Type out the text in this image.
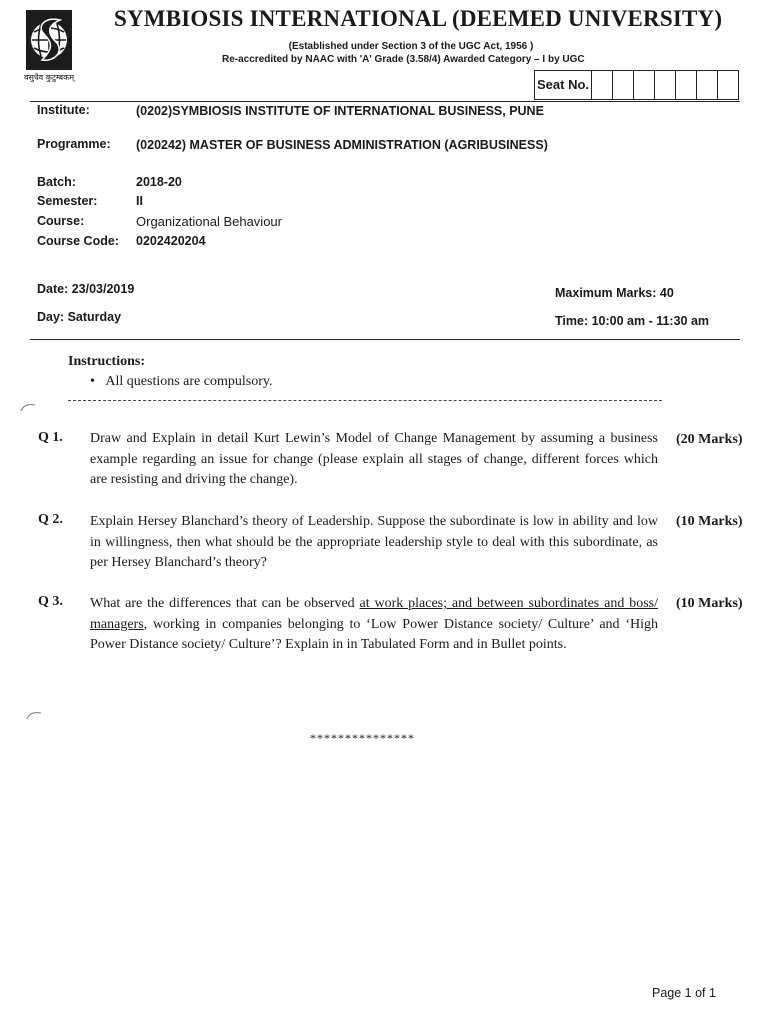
वसुधैव कुटुम्बकम्
SYMBIOSIS INTERNATIONAL (DEEMED UNIVERSITY)
(Established under Section 3 of the UGC Act, 1956 )
Re-accredited by NAAC with 'A' Grade (3.58/4) Awarded Category – I by UGC
Seat No.
Institute:	(0202)SYMBIOSIS INSTITUTE OF INTERNATIONAL BUSINESS, PUNE
Programme: (020242) MASTER OF BUSINESS ADMINISTRATION (AGRIBUSINESS)
Batch:	2018-20
Semester:	II
Course:	Organizational Behaviour
Course Code: 0202420204
Date: 23/03/2019
Day: Saturday
Maximum Marks: 40
Time: 10:00 am - 11:30 am
Instructions:
•   All questions are compulsory.
Q 1. Draw and Explain in detail Kurt Lewin’s Model of Change Management by assuming a business example regarding an issue for change (please explain all stages of change, different forces which are resisting and driving the change).
(20 Marks)
Q 2. Explain Hersey Blanchard’s theory of Leadership. Suppose the subordinate is low in ability and low in willingness, then what should be the appropriate leadership style to deal with this subordinate, as per Hersey Blanchard’s theory?
(10 Marks)
Q 3. What are the differences that can be observed at work places; and between subordinates and boss/ managers, working in companies belonging to ‘Low Power Distance society/ Culture’ and ‘High Power Distance society/ Culture’? Explain in in Tabulated Form and in Bullet points.
(10 Marks)
***************
Page 1 of 1
